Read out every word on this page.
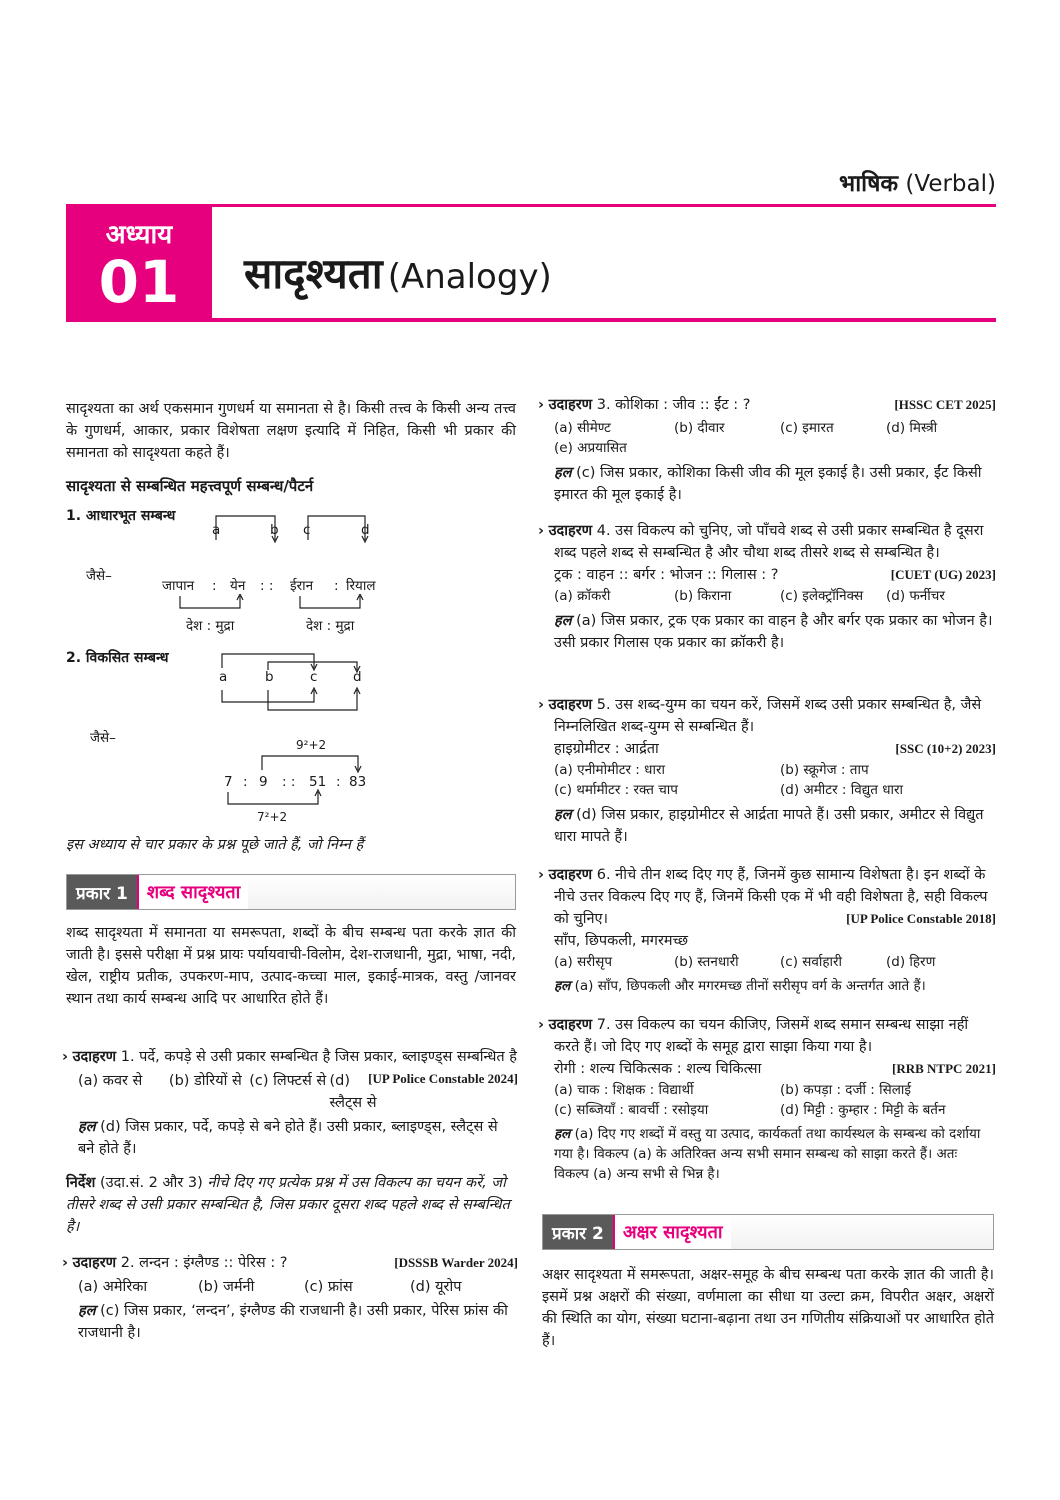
भाषिक (Verbal)
अध्याय
01	सादृश्यता (Analogy)
सादृश्यता का अर्थ एकसमान गुणधर्म या समानता से है। किसी तत्त्व के किसी अन्य तत्त्व के गुणधर्म, आकार, प्रकार विशेषता लक्षण इत्यादि में निहित, किसी भी प्रकार की समानता को सादृश्यता कहते हैं।
सादृश्यता से सम्बन्धित महत्त्वपूर्ण सम्बन्ध/पैटर्न
1. आधारभूत सम्बन्ध
a	b c	d
जैसे–
जापान : येन : : ईरान : रियाल
देश : मुद्रा	देश : मुद्रा
2. विकसित सम्बन्ध
a	b	c	d
जैसे–	9²+2
7 : 9 : : 51 : 83
7²+2
इस अध्याय से चार प्रकार के प्रश्न पूछे जाते हैं, जो निम्न हैं
प्रकार 1	शब्द सादृश्यता
शब्द सादृश्यता में समानता या समरूपता, शब्दों के बीच सम्बन्ध पता करके ज्ञात की जाती है। इससे परीक्षा में प्रश्न प्रायः पर्यायवाची-विलोम, देश-राजधानी, मुद्रा, भाषा, नदी, खेल, राष्ट्रीय प्रतीक, उपकरण-माप, उत्पाद-कच्चा माल, इकाई-मात्रक, वस्तु /जानवर स्थान तथा कार्य सम्बन्ध आदि पर आधारित होते हैं।
› उदाहरण 1. पर्दे, कपड़े से उसी प्रकार सम्बन्धित है जिस प्रकार, ब्लाइण्ड्स सम्बन्धित है
[UP Police Constable 2024]
(a) कवर से	(b) डोरियों से (c) लिफ्टर्स से (d) स्लैट्स से
हल (d) जिस प्रकार, पर्दे, कपड़े से बने होते हैं। उसी प्रकार, ब्लाइण्ड्स, स्लैट्स से बने होते हैं।
निर्देश (उदा.सं. 2 और 3) नीचे दिए गए प्रत्येक प्रश्न में उस विकल्प का चयन करें, जो तीसरे शब्द से उसी प्रकार सम्बन्धित है, जिस प्रकार दूसरा शब्द पहले शब्द से सम्बन्धित है।
› उदाहरण 2. लन्दन : इंग्लैण्ड :: पेरिस : ?	[DSSSB Warder 2024]
(a) अमेरिका	(b) जर्मनी	(c) फ्रांस	(d) यूरोप
हल (c) जिस प्रकार, ‘लन्दन’, इंग्लैण्ड की राजधानी है। उसी प्रकार, पेरिस फ्रांस की राजधानी है।
› उदाहरण 3. कोशिका : जीव :: ईंट : ?	[HSSC CET 2025]
(a) सीमेण्ट	(b) दीवार	(c) इमारत	(d) मिस्त्री
(e) अप्रयासित
हल (c) जिस प्रकार, कोशिका किसी जीव की मूल इकाई है। उसी प्रकार, ईंट किसी इमारत की मूल इकाई है।
› उदाहरण 4. उस विकल्प को चुनिए, जो पाँचवे शब्द से उसी प्रकार सम्बन्धित है दूसरा शब्द पहले शब्द से सम्बन्धित है और चौथा शब्द तीसरे शब्द से सम्बन्धित है।
ट्रक : वाहन :: बर्गर : भोजन :: गिलास : ?	[CUET (UG) 2023]
(a) क्रॉकरी	(b) किराना	(c) इलेक्ट्रॉनिक्स	(d) फर्नीचर
हल (a) जिस प्रकार, ट्रक एक प्रकार का वाहन है और बर्गर एक प्रकार का भोजन है। उसी प्रकार गिलास एक प्रकार का क्रॉकरी है।
› उदाहरण 5. उस शब्द-युग्म का चयन करें, जिसमें शब्द उसी प्रकार सम्बन्धित है, जैसे निम्नलिखित शब्द-युग्म से सम्बन्धित हैं।
हाइग्रोमीटर : आर्द्रता	[SSC (10+2) 2023]
(a) एनीमोमीटर : धारा	(b) स्क्रूगेज : ताप
(c) थर्मामीटर : रक्त चाप	(d) अमीटर : विद्युत धारा
हल (d) जिस प्रकार, हाइग्रोमीटर से आर्द्रता मापते हैं। उसी प्रकार, अमीटर से विद्युत धारा मापते हैं।
› उदाहरण 6. नीचे तीन शब्द दिए गए हैं, जिनमें कुछ सामान्य विशेषता है। इन शब्दों के नीचे उत्तर विकल्प दिए गए हैं, जिनमें किसी एक में भी वही विशेषता है, सही विकल्प को चुनिए।	[UP Police Constable 2018]
साँप, छिपकली, मगरमच्छ
(a) सरीसृप	(b) स्तनधारी	(c) सर्वाहारी	(d) हिरण
हल (a) साँप, छिपकली और मगरमच्छ तीनों सरीसृप वर्ग के अन्तर्गत आते हैं।
› उदाहरण 7. उस विकल्प का चयन कीजिए, जिसमें शब्द समान सम्बन्ध साझा नहीं करते हैं। जो दिए गए शब्दों के समूह द्वारा साझा किया गया है।
रोगी : शल्य चिकित्सक : शल्य चिकित्सा	[RRB NTPC 2021]
(a) चाक : शिक्षक : विद्यार्थी	(b) कपड़ा : दर्जी : सिलाई
(c) सब्जियाँ : बावर्ची : रसोइया	(d) मिट्टी : कुम्हार : मिट्टी के बर्तन
हल (a) दिए गए शब्दों में वस्तु या उत्पाद, कार्यकर्ता तथा कार्यस्थल के सम्बन्ध को दर्शाया गया है। विकल्प (a) के अतिरिक्त अन्य सभी समान सम्बन्ध को साझा करते हैं। अतः विकल्प (a) अन्य सभी से भिन्न है।
प्रकार 2	अक्षर सादृश्यता
अक्षर सादृश्यता में समरूपता, अक्षर-समूह के बीच सम्बन्ध पता करके ज्ञात की जाती है। इसमें प्रश्न अक्षरों की संख्या, वर्णमाला का सीधा या उल्टा क्रम, विपरीत अक्षर, अक्षरों की स्थिति का योग, संख्या घटाना-बढ़ाना तथा उन गणितीय संक्रियाओं पर आधारित होते हैं।
